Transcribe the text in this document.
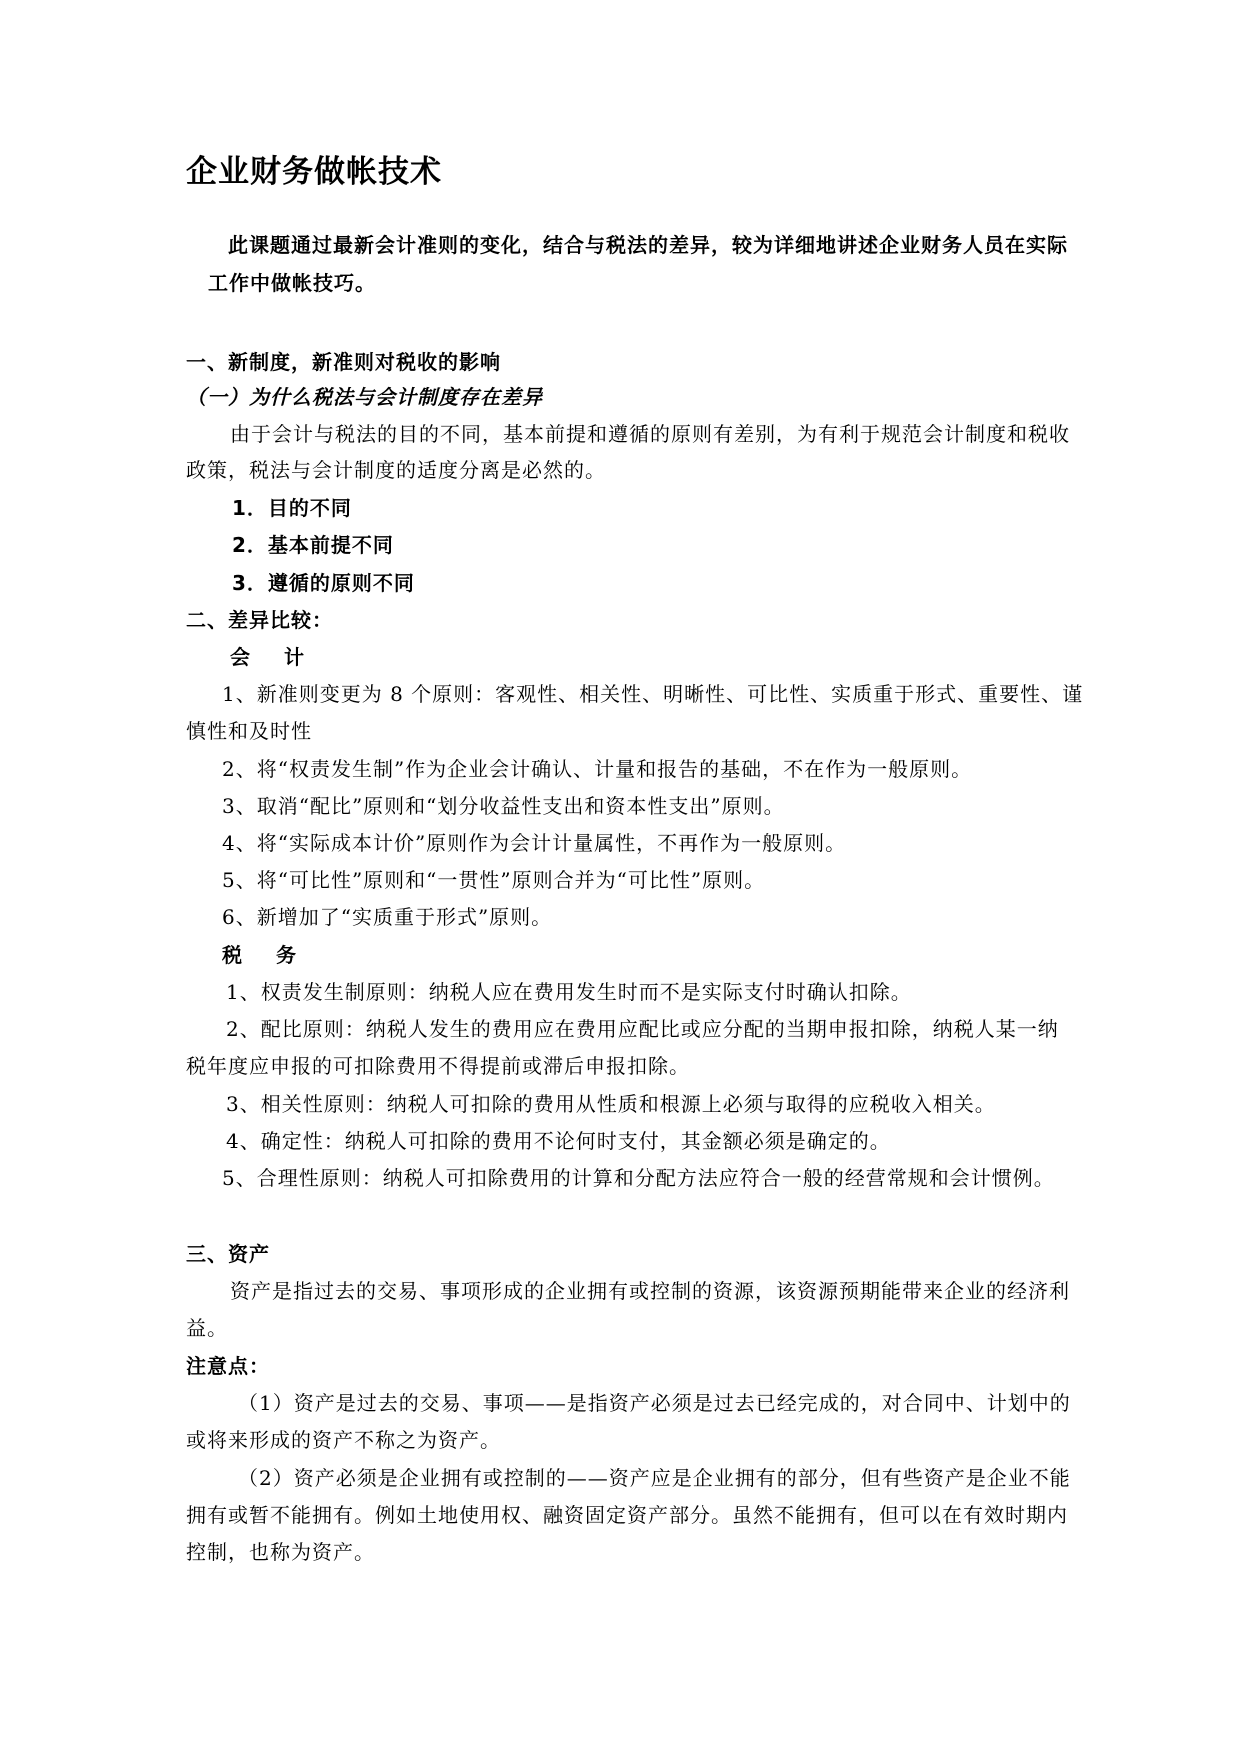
企业财务做帐技术
此课题通过最新会计准则的变化，结合与税法的差异，较为详细地讲述企业财务人员在实际
工作中做帐技巧。
一、新制度，新准则对税收的影响
（一）为什么税法与会计制度存在差异
由于会计与税法的目的不同，基本前提和遵循的原则有差别，为有利于规范会计制度和税收
政策，税法与会计制度的适度分离是必然的。
1．目的不同
2．基本前提不同
3．遵循的原则不同
二、差异比较：
会计
1、新准则变更为 8 个原则：客观性、相关性、明晰性、可比性、实质重于形式、重要性、谨
慎性和及时性
2、将“权责发生制”作为企业会计确认、计量和报告的基础，不在作为一般原则。
3、取消“配比”原则和“划分收益性支出和资本性支出”原则。
4、将“实际成本计价”原则作为会计计量属性，不再作为一般原则。
5、将“可比性”原则和“一贯性”原则合并为“可比性”原则。
6、新增加了“实质重于形式”原则。
税务
1、权责发生制原则：纳税人应在费用发生时而不是实际支付时确认扣除。
2、配比原则：纳税人发生的费用应在费用应配比或应分配的当期申报扣除，纳税人某一纳
税年度应申报的可扣除费用不得提前或滞后申报扣除。
3、相关性原则：纳税人可扣除的费用从性质和根源上必须与取得的应税收入相关。
4、确定性：纳税人可扣除的费用不论何时支付，其金额必须是确定的。
5、合理性原则：纳税人可扣除费用的计算和分配方法应符合一般的经营常规和会计惯例。
三、资产
资产是指过去的交易、事项形成的企业拥有或控制的资源，该资源预期能带来企业的经济利
益。
注意点：
（1）资产是过去的交易、事项——是指资产必须是过去已经完成的，对合同中、计划中的
或将来形成的资产不称之为资产。
（2）资产必须是企业拥有或控制的——资产应是企业拥有的部分，但有些资产是企业不能
拥有或暂不能拥有。例如土地使用权、融资固定资产部分。虽然不能拥有，但可以在有效时期内
控制，也称为资产。
